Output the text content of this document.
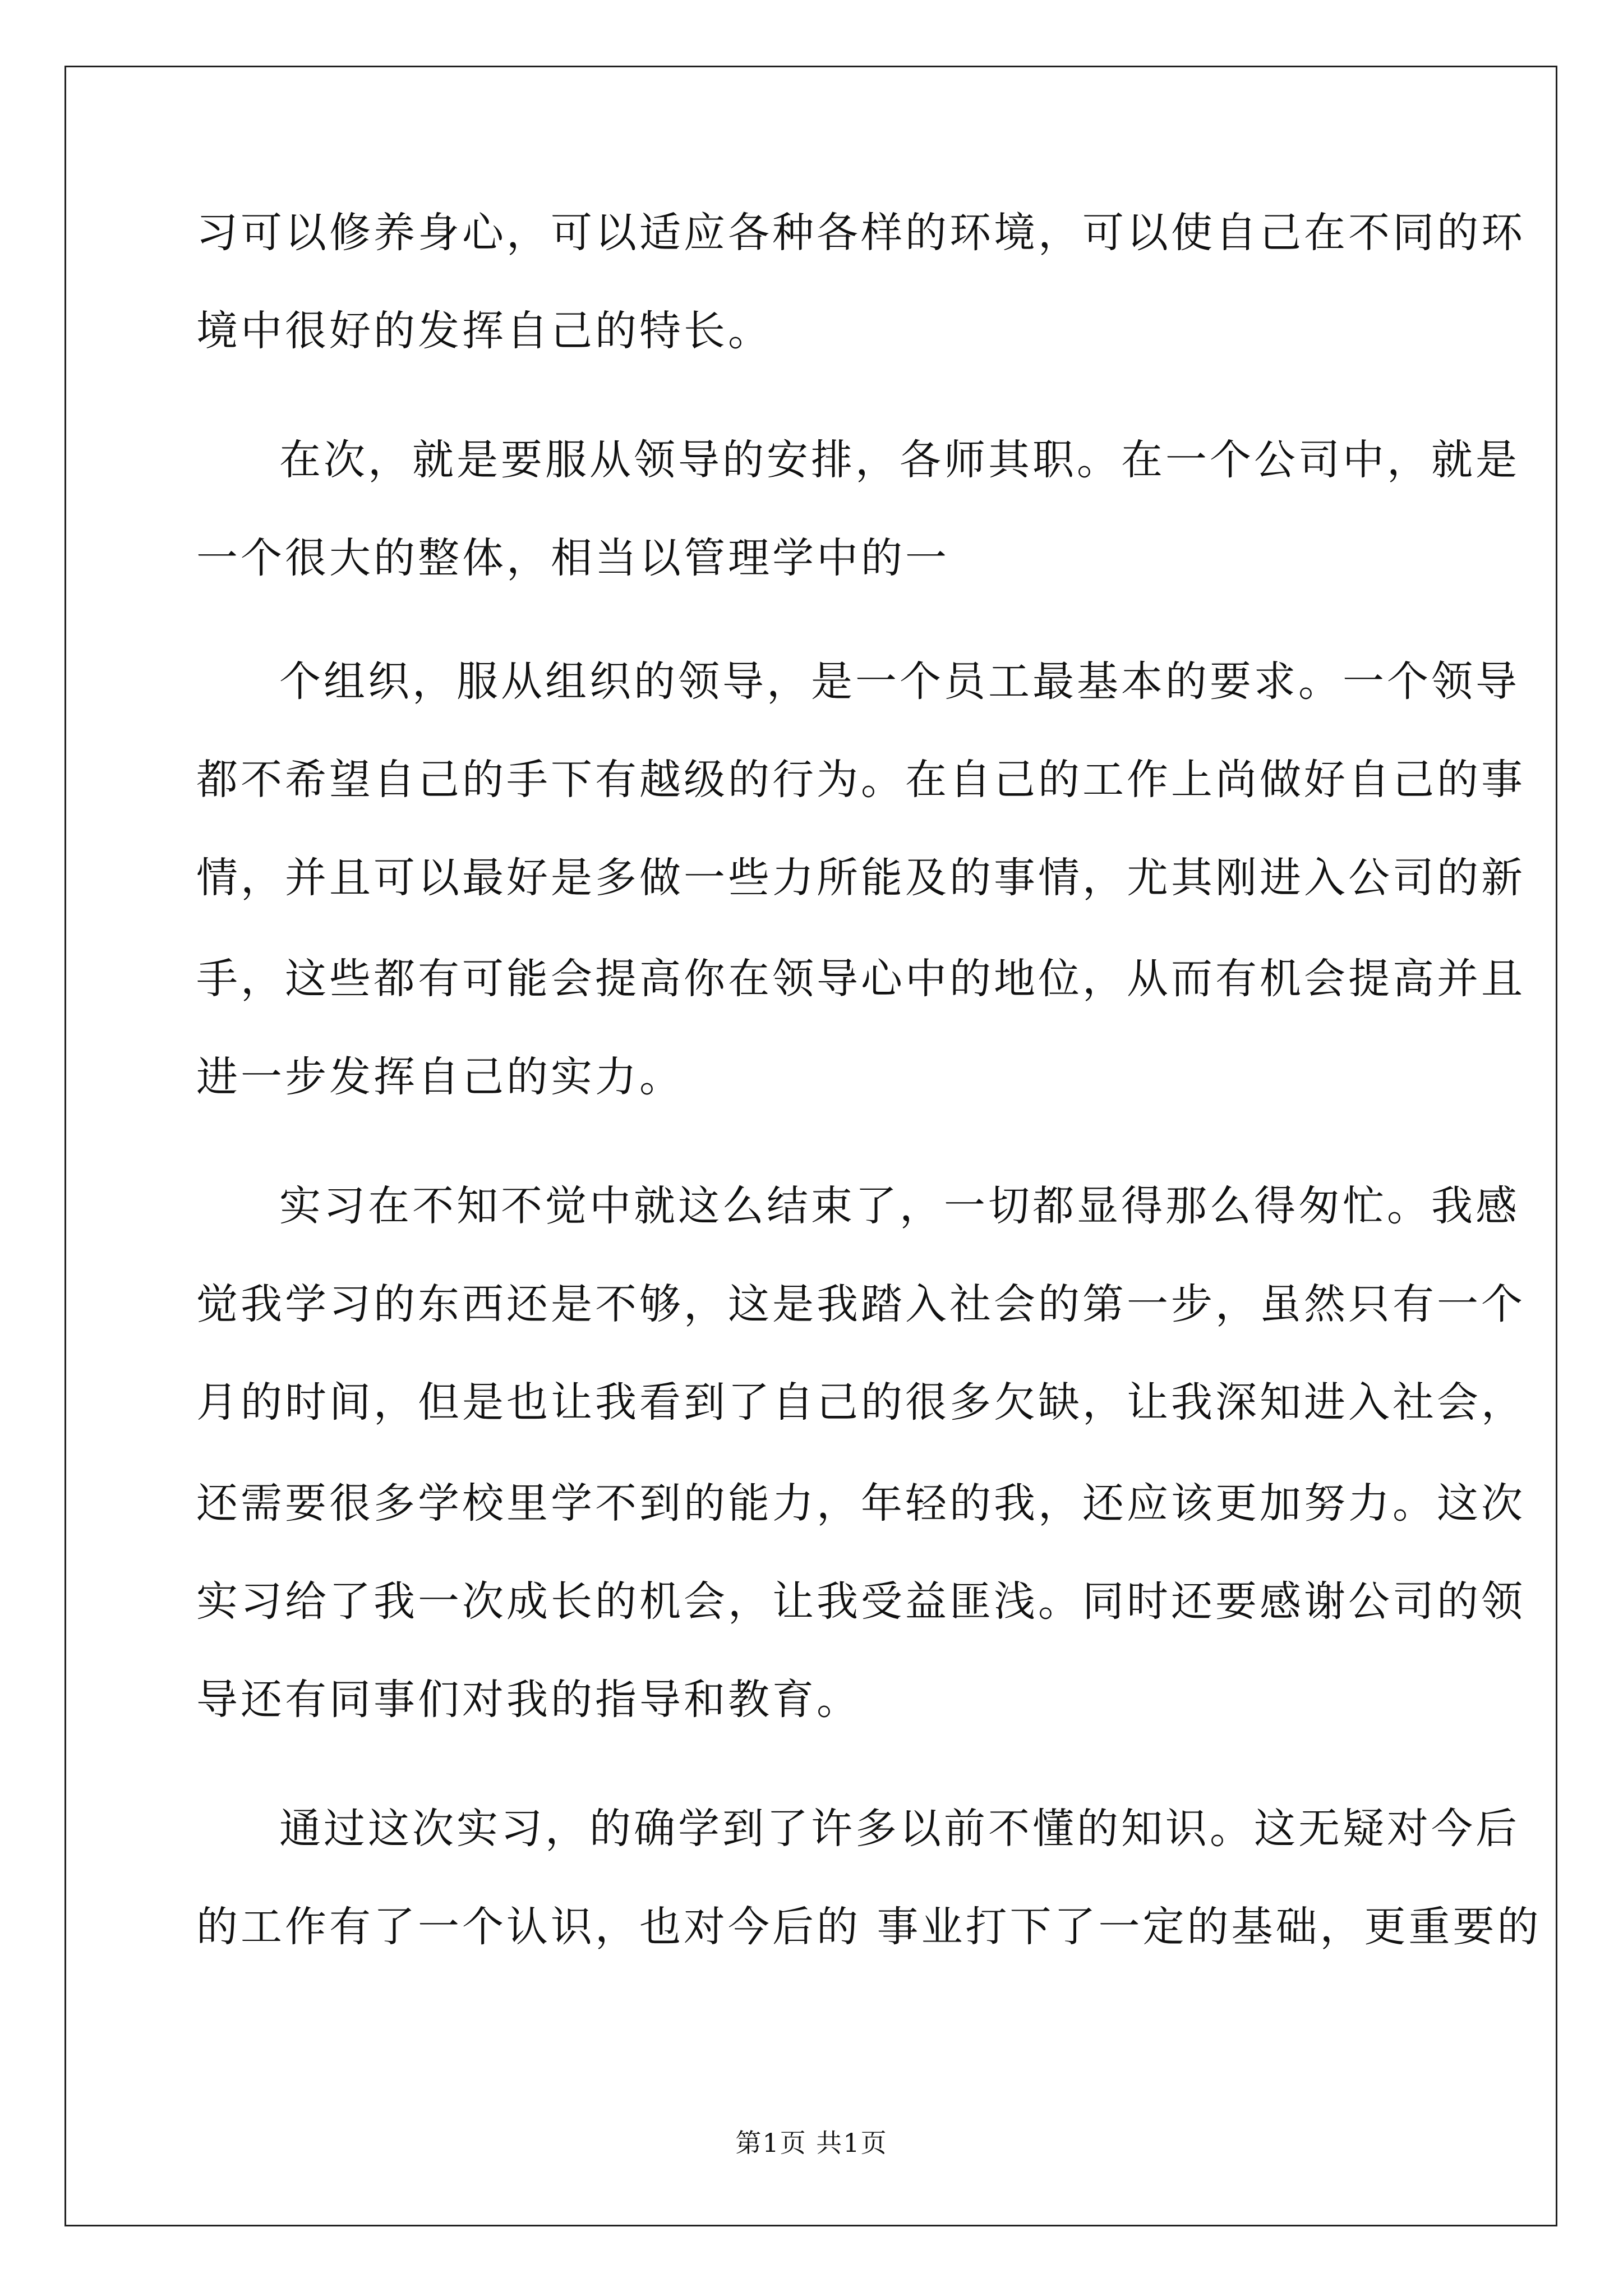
习可以修养身心，可以适应各种各样的环境，可以使自己在不同的环
境中很好的发挥自己的特长。
在次，就是要服从领导的安排，各师其职。在一个公司中，就是
一个很大的整体，相当以管理学中的一
个组织，服从组织的领导，是一个员工最基本的要求。一个领导
都不希望自己的手下有越级的行为。在自己的工作上尚做好自己的事
情，并且可以最好是多做一些力所能及的事情，尤其刚进入公司的新
手，这些都有可能会提高你在领导心中的地位，从而有机会提高并且
进一步发挥自己的实力。
实习在不知不觉中就这么结束了，一切都显得那么得匆忙。我感
觉我学习的东西还是不够，这是我踏入社会的第一步，虽然只有一个
月的时间，但是也让我看到了自己的很多欠缺，让我深知进入社会，
还需要很多学校里学不到的能力，年轻的我，还应该更加努力。这次
实习给了我一次成长的机会，让我受益匪浅。同时还要感谢公司的领
导还有同事们对我的指导和教育。
通过这次实习，的确学到了许多以前不懂的知识。这无疑对今后
的工作有了一个认识，也对今后的 事业打下了一定的基础，更重要的
第1页 共1页
